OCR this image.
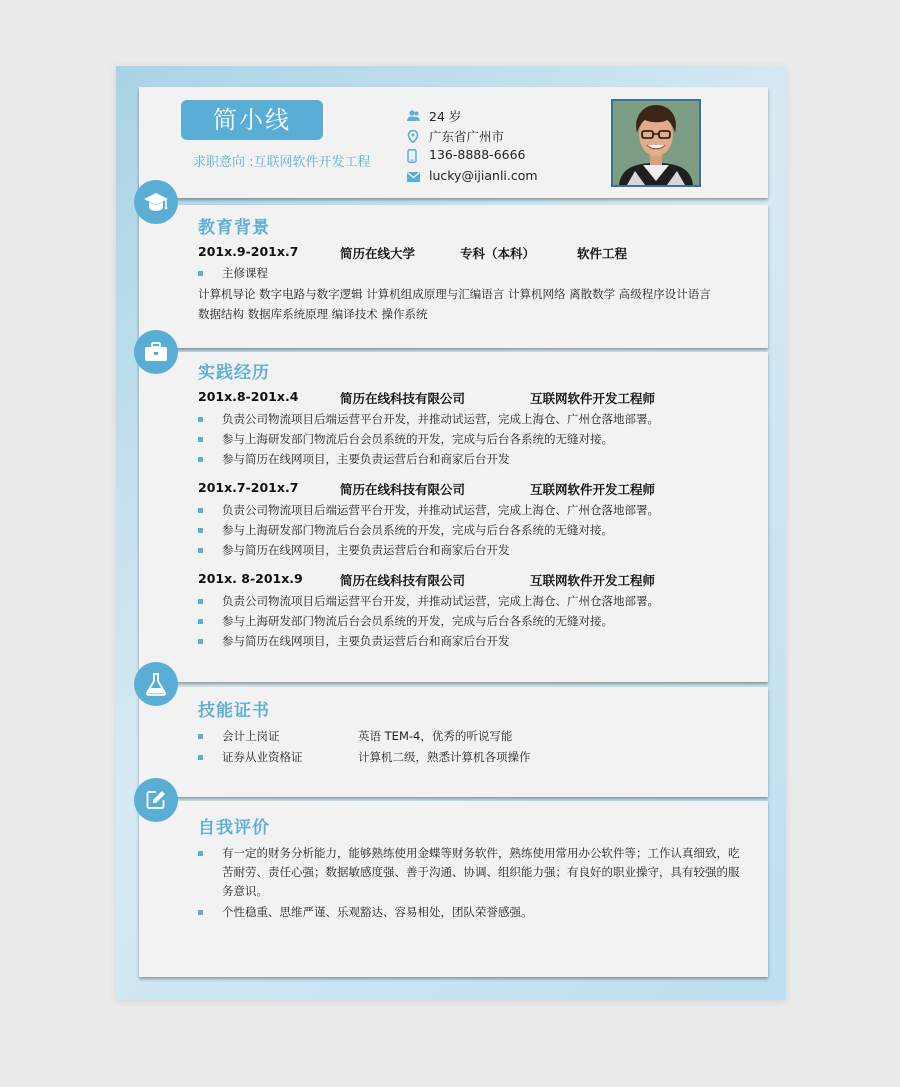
简小线
求职意向 :互联网软件开发工程
24 岁
广东省广州市
136-8888-6666
lucky@ijianli.com
教育背景
201x.9-201x.7	简历在线大学	专科（本科）	软件工程
主修课程
计算机导论 数字电路与数字逻辑 计算机组成原理与汇编语言 计算机网络 离散数学 高级程序设计语言
数据结构 数据库系统原理 编译技术 操作系统
实践经历
201x.8-201x.4	简历在线科技有限公司	互联网软件开发工程师
负责公司物流项目后端运营平台开发，并推动试运营，完成上海仓、广州仓落地部署。
参与上海研发部门物流后台会员系统的开发，完成与后台各系统的无缝对接。
参与简历在线网项目，主要负责运营后台和商家后台开发
201x.7-201x.7	简历在线科技有限公司	互联网软件开发工程师
负责公司物流项目后端运营平台开发，并推动试运营，完成上海仓、广州仓落地部署。
参与上海研发部门物流后台会员系统的开发，完成与后台各系统的无缝对接。
参与简历在线网项目，主要负责运营后台和商家后台开发
201x. 8-201x.9	简历在线科技有限公司	互联网软件开发工程师
负责公司物流项目后端运营平台开发，并推动试运营，完成上海仓、广州仓落地部署。
参与上海研发部门物流后台会员系统的开发，完成与后台各系统的无缝对接。
参与简历在线网项目，主要负责运营后台和商家后台开发
技能证书
会计上岗证	英语 TEM-4，优秀的听说写能
证券从业资格证	计算机二级，熟悉计算机各项操作
自我评价
有一定的财务分析能力，能够熟练使用金蝶等财务软件，熟练使用常用办公软件等；工作认真细致，吃苦耐劳、责任心强；数据敏感度强、善于沟通、协调、组织能力强；有良好的职业操守，具有较强的服务意识。
个性稳重、思维严谨、乐观豁达、容易相处，团队荣誉感强。
